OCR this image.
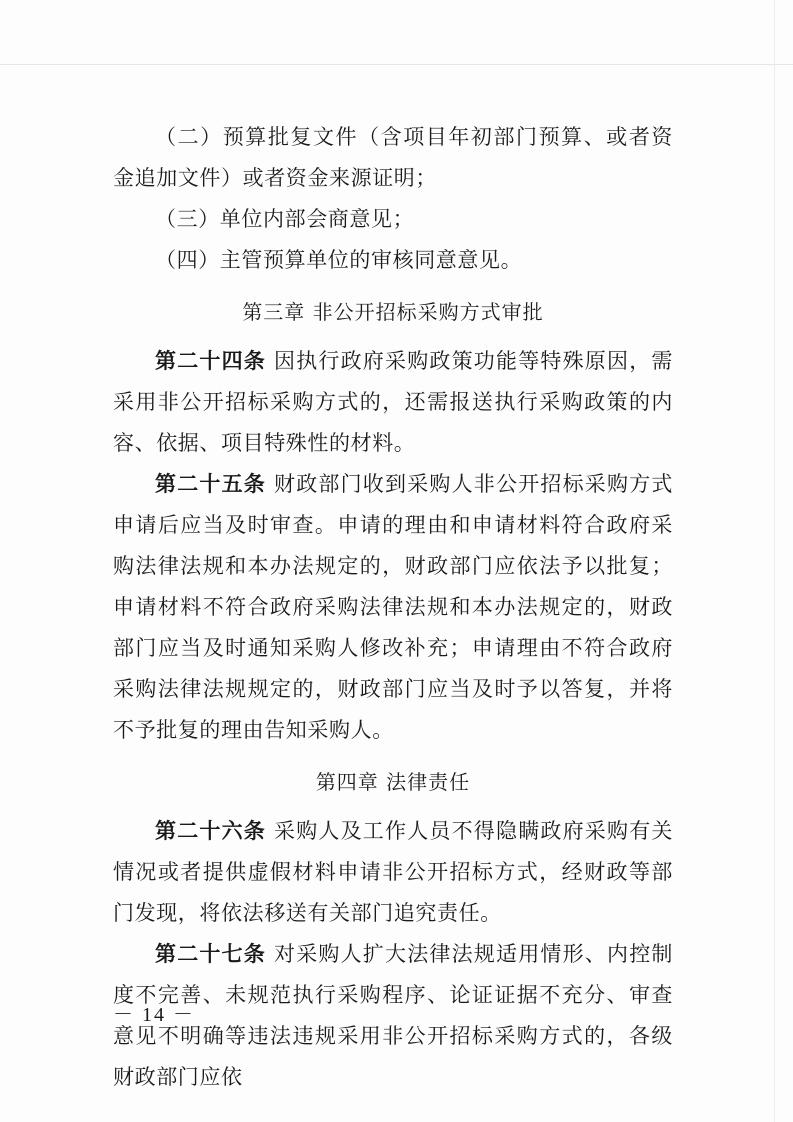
（二）预算批复文件（含项目年初部门预算、或者资金追加文件）或者资金来源证明；

（三）单位内部会商意见；

（四）主管预算单位的审核同意意见。

第三章 非公开招标采购方式审批

第二十四条 因执行政府采购政策功能等特殊原因，需采用非公开招标采购方式的，还需报送执行采购政策的内容、依据、项目特殊性的材料。

第二十五条 财政部门收到采购人非公开招标采购方式申请后应当及时审查。申请的理由和申请材料符合政府采购法律法规和本办法规定的，财政部门应依法予以批复；申请材料不符合政府采购法律法规和本办法规定的，财政部门应当及时通知采购人修改补充；申请理由不符合政府采购法律法规规定的，财政部门应当及时予以答复，并将不予批复的理由告知采购人。

第四章 法律责任

第二十六条 采购人及工作人员不得隐瞒政府采购有关情况或者提供虚假材料申请非公开招标方式，经财政等部门发现，将依法移送有关部门追究责任。

第二十七条 对采购人扩大法律法规适用情形、内控制度不完善、未规范执行采购程序、论证证据不充分、审查意见不明确等违法违规采用非公开招标采购方式的，各级财政部门应依

－ 14 －
